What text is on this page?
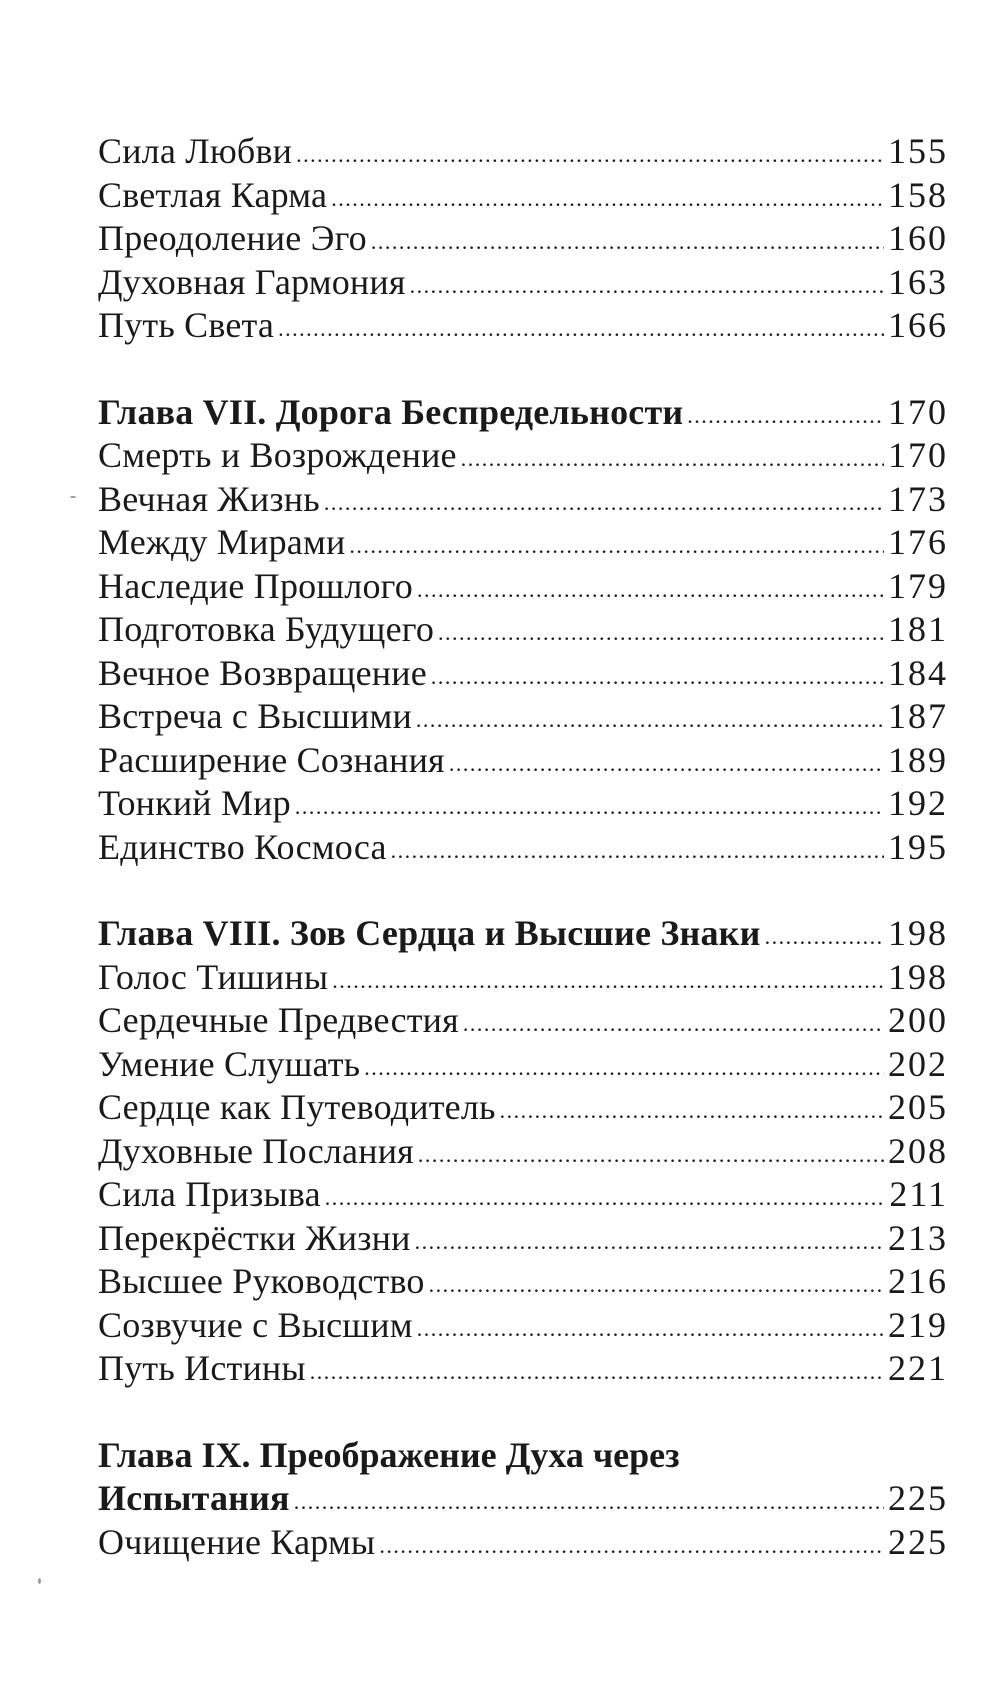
Сила Любви .....	155
Светлая Карма .....	158
Преодоление Эго .....	160
Духовная Гармония .....	163
Путь Света .....	166
Глава VII. Дорога Беспредельности .....	170
Смерть и Возрождение .....	170
Вечная Жизнь .....	173
Между Мирами .....	176
Наследие Прошлого .....	179
Подготовка Будущего .....	181
Вечное Возвращение .....	184
Встреча с Высшими .....	187
Расширение Сознания .....	189
Тонкий Мир .....	192
Единство Космоса .....	195
Глава VIII. Зов Сердца и Высшие Знаки .....	198
Голос Тишины .....	198
Сердечные Предвестия .....	200
Умение Слушать .....	202
Сердце как Путеводитель .....	205
Духовные Послания .....	208
Сила Призыва .....	211
Перекрёстки Жизни .....	213
Высшее Руководство .....	216
Созвучие с Высшим .....	219
Путь Истины .....	221
Глава IX. Преображение Духа через
Испытания .....	225
Очищение Кармы .....	225
